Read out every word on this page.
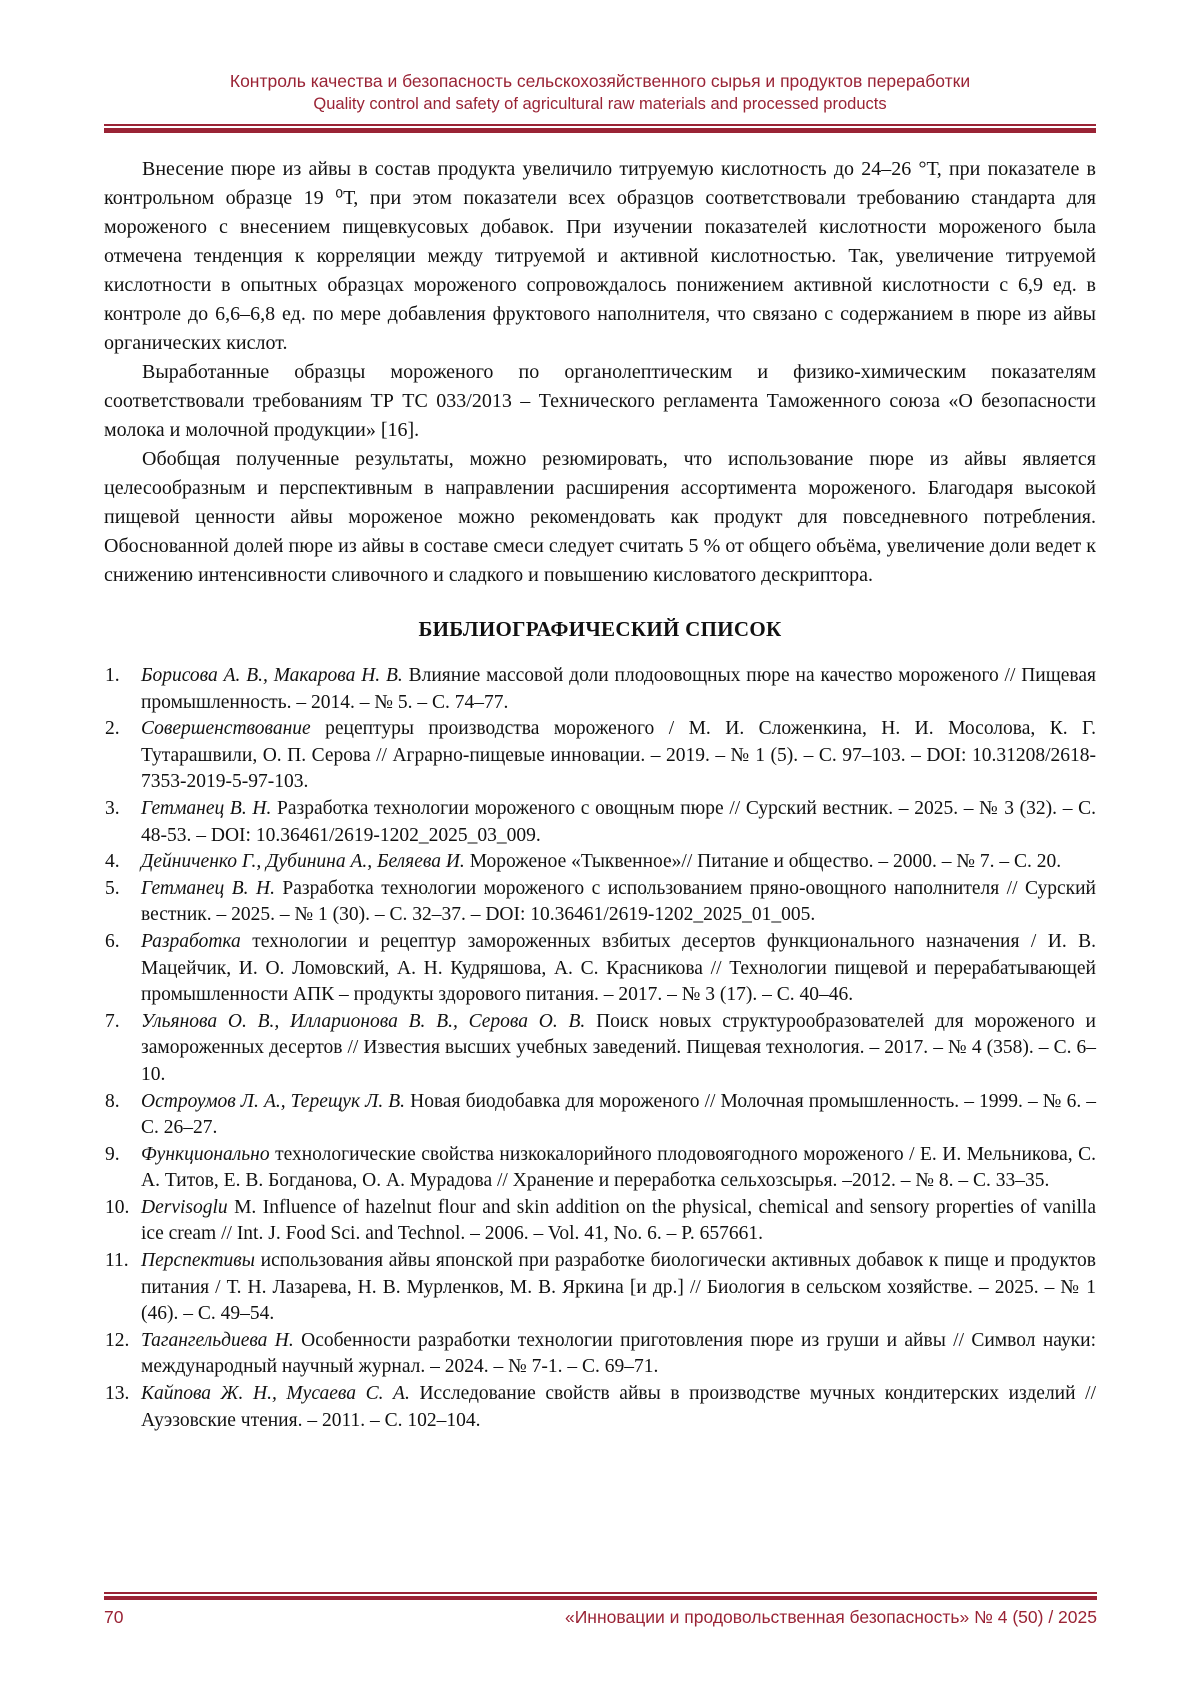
Контроль качества и безопасность сельскохозяйственного сырья и продуктов переработки
Quality control and safety of agricultural raw materials and processed products

Внесение пюре из айвы в состав продукта увеличило титруемую кислотность до 24–26 °Т, при показателе в контрольном образце 19 ⁰Т, при этом показатели всех образцов соответствовали требованию стандарта для мороженого с внесением пищевкусовых добавок. При изучении показателей кислотности мороженого была отмечена тенденция к корреляции между титруемой и активной кислотностью. Так, увеличение титруемой кислотности в опытных образцах мороженого сопровождалось понижением активной кислотности с 6,9 ед. в контроле до 6,6–6,8 ед. по мере добавления фруктового наполнителя, что связано с содержанием в пюре из айвы органических кислот.

Выработанные образцы мороженого по органолептическим и физико-химическим показателям соответствовали требованиям ТР ТС 033/2013 – Технического регламента Таможенного союза «О безопасности молока и молочной продукции» [16].

Обобщая полученные результаты, можно резюмировать, что использование пюре из айвы является целесообразным и перспективным в направлении расширения ассортимента мороженого. Благодаря высокой пищевой ценности айвы мороженое можно рекомендовать как продукт для повседневного потребления. Обоснованной долей пюре из айвы в составе смеси следует считать 5 % от общего объёма, увеличение доли ведет к снижению интенсивности сливочного и сладкого и повышению кисловатого дескриптора.

БИБЛИОГРАФИЧЕСКИЙ СПИСОК
1. Борисова А. В., Макарова Н. В. Влияние массовой доли плодоовощных пюре на качество мороженого // Пищевая промышленность. – 2014. – № 5. – С. 74–77.
2. Совершенствование рецептуры производства мороженого / М. И. Сложенкина, Н. И. Мосолова, К. Г. Тутарашвили, О. П. Серова // Аграрно-пищевые инновации. – 2019. – № 1 (5). – С. 97–103. – DOI: 10.31208/2618-7353-2019-5-97-103.
3. Гетманец В. Н. Разработка технологии мороженого с овощным пюре // Сурский вестник. – 2025. – № 3 (32). – С. 48-53. – DOI: 10.36461/2619-1202_2025_03_009.
4. Дейниченко Г., Дубинина А., Беляева И. Мороженое «Тыквенное»// Питание и общество. – 2000. – № 7. – С. 20.
5. Гетманец В. Н. Разработка технологии мороженого с использованием пряно-овощного наполнителя // Сурский вестник. – 2025. – № 1 (30). – С. 32–37. – DOI: 10.36461/2619-1202_2025_01_005.
6. Разработка технологии и рецептур замороженных взбитых десертов функционального назначения / И. В. Мацейчик, И. О. Ломовский, А. Н. Кудряшова, А. С. Красникова // Технологии пищевой и перерабатывающей промышленности АПК – продукты здорового питания. – 2017. – № 3 (17). – С. 40–46.
7. Ульянова О. В., Илларионова В. В., Серова О. В. Поиск новых структурообразователей для мороженого и замороженных десертов // Известия высших учебных заведений. Пищевая технология. – 2017. – № 4 (358). – С. 6–10.
8. Остроумов Л. А., Терещук Л. В. Новая биодобавка для мороженого // Молочная промышленность. – 1999. – № 6. – С. 26–27.
9. Функционально технологические свойства низкокалорийного плодовоягодного мороженого / Е. И. Мельникова, С. А. Титов, Е. В. Богданова, О. А. Мурадова // Хранение и переработка сельхозсырья. –2012. – № 8. – С. 33–35.
10. Dervisoglu M. Influence of hazelnut flour and skin addition on the physical, chemical and sensory properties of vanilla ice cream // Int. J. Food Sci. and Technol. – 2006. – Vol. 41, No. 6. – P. 657661.
11. Перспективы использования айвы японской при разработке биологически активных добавок к пище и продуктов питания / Т. Н. Лазарева, Н. В. Мурленков, М. В. Яркина [и др.] // Биология в сельском хозяйстве. – 2025. – № 1 (46). – С. 49–54.
12. Тагангельдиева Н. Особенности разработки технологии приготовления пюре из груши и айвы // Символ науки: международный научный журнал. – 2024. – № 7-1. – С. 69–71.
13. Кайпова Ж. Н., Мусаева С. А. Исследование свойств айвы в производстве мучных кондитерских изделий // Ауэзовские чтения. – 2011. – С. 102–104.
70	«Инновации и продовольственная безопасность» № 4 (50) / 2025
